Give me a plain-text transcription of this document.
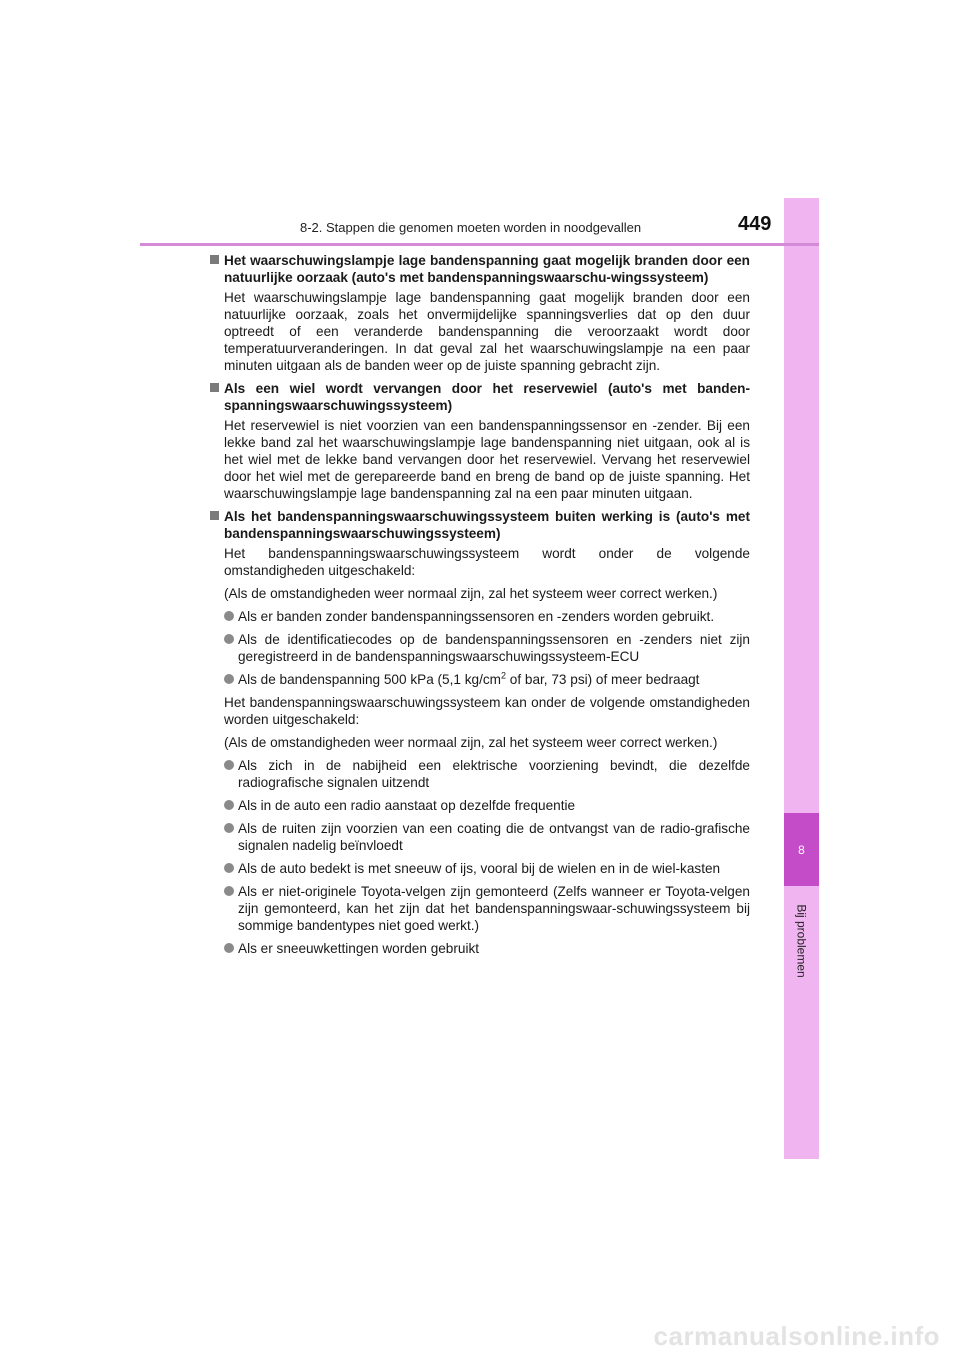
8
Bij problemen
8-2. Stappen die genomen moeten worden in noodgevallen	449
Het waarschuwingslampje lage bandenspanning gaat mogelijk branden door een natuurlijke oorzaak (auto's met bandenspanningswaarschu-wingssysteem)
Het waarschuwingslampje lage bandenspanning gaat mogelijk branden door een natuurlijke oorzaak, zoals het onvermijdelijke spanningsverlies dat op den duur optreedt of een veranderde bandenspanning die veroorzaakt wordt door temperatuurveranderingen. In dat geval zal het waarschuwingslampje na een paar minuten uitgaan als de banden weer op de juiste spanning gebracht zijn.
Als een wiel wordt vervangen door het reservewiel (auto's met banden-spanningswaarschuwingssysteem)
Het reservewiel is niet voorzien van een bandenspanningssensor en -zender. Bij een lekke band zal het waarschuwingslampje lage bandenspanning niet uitgaan, ook al is het wiel met de lekke band vervangen door het reservewiel. Vervang het reservewiel door het wiel met de gerepareerde band en breng de band op de juiste spanning. Het waarschuwingslampje lage bandenspanning zal na een paar minuten uitgaan.
Als het bandenspanningswaarschuwingssysteem buiten werking is (auto's met bandenspanningswaarschuwingssysteem)
Het bandenspanningswaarschuwingssysteem wordt onder de volgende omstandigheden uitgeschakeld:
(Als de omstandigheden weer normaal zijn, zal het systeem weer correct werken.)
Als er banden zonder bandenspanningssensoren en -zenders worden gebruikt.
Als de identificatiecodes op de bandenspanningssensoren en -zenders niet zijn geregistreerd in de bandenspanningswaarschuwingssysteem-ECU
Als de bandenspanning 500 kPa (5,1 $kg/cm^2$ of bar, 73 psi) of meer bedraagt
Het bandenspanningswaarschuwingssysteem kan onder de volgende omstandigheden worden uitgeschakeld:
(Als de omstandigheden weer normaal zijn, zal het systeem weer correct werken.)
Als zich in de nabijheid een elektrische voorziening bevindt, die dezelfde radiografische signalen uitzendt
Als in de auto een radio aanstaat op dezelfde frequentie
Als de ruiten zijn voorzien van een coating die de ontvangst van de radio-grafische signalen nadelig beïnvloedt
Als de auto bedekt is met sneeuw of ijs, vooral bij de wielen en in de wiel-kasten
Als er niet-originele Toyota-velgen zijn gemonteerd (Zelfs wanneer er Toyota-velgen zijn gemonteerd, kan het zijn dat het bandenspanningswaar-schuwingssysteem bij sommige bandentypes niet goed werkt.)
Als er sneeuwkettingen worden gebruikt
carmanualsonline.info
